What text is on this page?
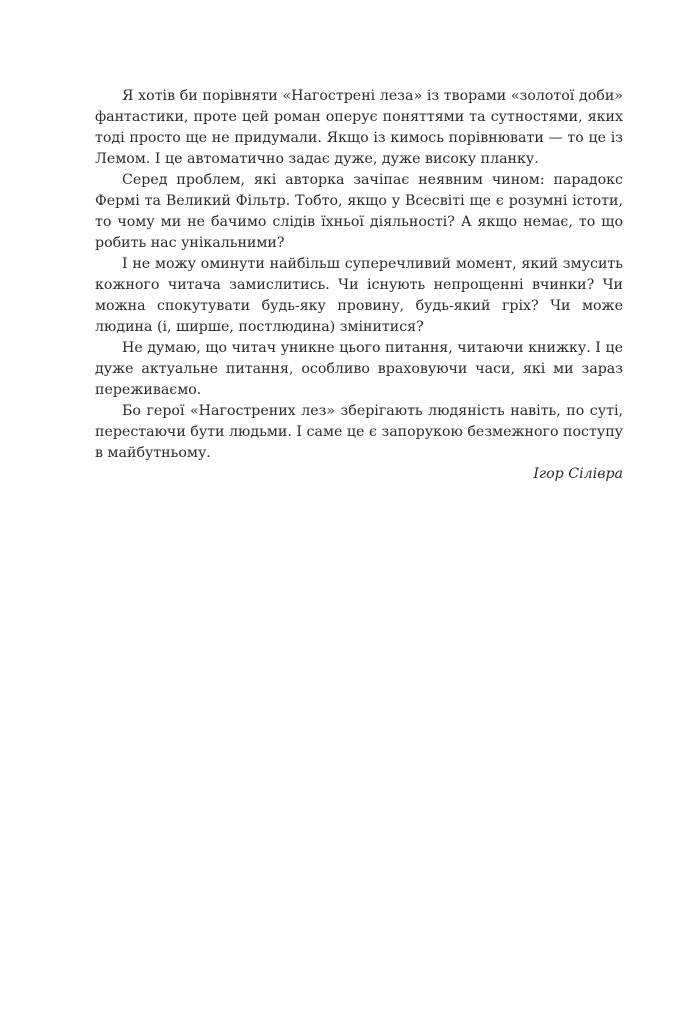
Я хотів би порівняти «Нагострені леза» із творами «золотої доби» фантастики, проте цей роман оперує поняттями та сутностями, яких тоді просто ще не придумали. Якщо із кимось порівнювати — то це із Лемом. І це автоматично задає дуже, дуже високу планку.

Серед проблем, які авторка зачіпає неявним чином: парадокс Фермі та Великий Фільтр. Тобто, якщо у Всесвіті ще є розумні істоти, то чому ми не бачимо слідів їхньої діяльності? А якщо немає, то що робить нас унікальними?

І не можу оминути найбільш суперечливий момент, який змусить кожного читача замислитись. Чи існують непрощенні вчинки? Чи можна спокутувати будь-яку провину, будь-який гріх? Чи може людина (і, ширше, постлюдина) змінитися?

Не думаю, що читач уникне цього питання, читаючи книжку. І це дуже актуальне питання, особливо враховуючи часи, які ми зараз переживаємо.

Бо герої «Нагострених лез» зберігають людяність навіть, по суті, перестаючи бути людьми. І саме це є запорукою безмежного поступу в майбутньому.

Ігор Сілівра
